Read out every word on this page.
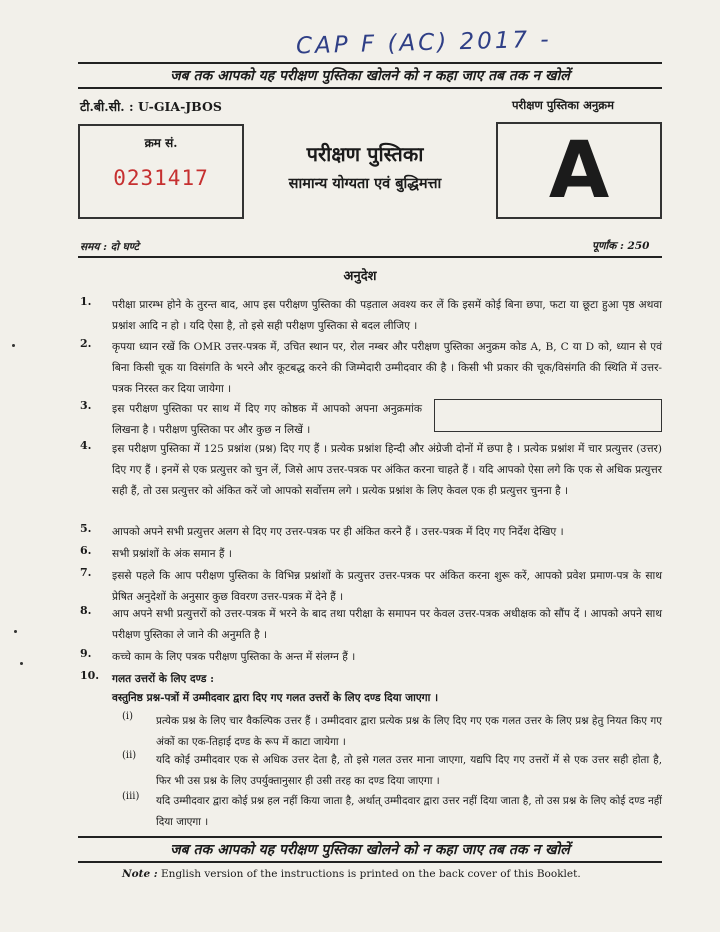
CAP F (AC) 2017 -
जब तक आपको यह परीक्षण पुस्तिका खोलने को न कहा जाए तब तक न खोलें
टी.बी.सी. : U-GIA-JBOS	परीक्षण पुस्तिका अनुक्रम
क्रम सं.
0231417
परीक्षण पुस्तिका
सामान्य योग्यता एवं बुद्धिमत्ता	A
समय : दो घण्टे	पूर्णांक : 250
अनुदेश
1. परीक्षा प्रारम्भ होने के तुरन्त बाद, आप इस परीक्षण पुस्तिका की पड़ताल अवश्य कर लें कि इसमें कोई बिना छपा, फटा या छूटा हुआ पृष्ठ अथवा प्रश्नांश आदि न हो । यदि ऐसा है, तो इसे सही परीक्षण पुस्तिका से बदल लीजिए ।
2. कृपया ध्यान रखें कि OMR उत्तर-पत्रक में, उचित स्थान पर, रोल नम्बर और परीक्षण पुस्तिका अनुक्रम कोड A, B, C या D को, ध्यान से एवं बिना किसी चूक या विसंगति के भरने और कूटबद्ध करने की जिम्मेदारी उम्मीदवार की है । किसी भी प्रकार की चूक/विसंगति की स्थिति में उत्तर-पत्रक निरस्त कर दिया जायेगा ।
3. इस परीक्षण पुस्तिका पर साथ में दिए गए कोष्ठक में आपको अपना अनुक्रमांक लिखना है । परीक्षण पुस्तिका पर और कुछ न लिखें ।
4. इस परीक्षण पुस्तिका में 125 प्रश्नांश (प्रश्न) दिए गए हैं । प्रत्येक प्रश्नांश हिन्दी और अंग्रेजी दोनों में छपा है । प्रत्येक प्रश्नांश में चार प्रत्युत्तर (उत्तर) दिए गए हैं । इनमें से एक प्रत्युत्तर को चुन लें, जिसे आप उत्तर-पत्रक पर अंकित करना चाहते हैं । यदि आपको ऐसा लगे कि एक से अधिक प्रत्युत्तर सही हैं, तो उस प्रत्युत्तर को अंकित करें जो आपको सर्वोत्तम लगे । प्रत्येक प्रश्नांश के लिए केवल एक ही प्रत्युत्तर चुनना है ।
5. आपको अपने सभी प्रत्युत्तर अलग से दिए गए उत्तर-पत्रक पर ही अंकित करने हैं । उत्तर-पत्रक में दिए गए निर्देश देखिए ।
6. सभी प्रश्नांशों के अंक समान हैं ।
7. इससे पहले कि आप परीक्षण पुस्तिका के विभिन्न प्रश्नांशों के प्रत्युत्तर उत्तर-पत्रक पर अंकित करना शुरू करें, आपको प्रवेश प्रमाण-पत्र के साथ प्रेषित अनुदेशों के अनुसार कुछ विवरण उत्तर-पत्रक में देने हैं ।
8. आप अपने सभी प्रत्युत्तरों को उत्तर-पत्रक में भरने के बाद तथा परीक्षा के समापन पर केवल उत्तर-पत्रक अधीक्षक को सौंप दें । आपको अपने साथ परीक्षण पुस्तिका ले जाने की अनुमति है ।
9. कच्चे काम के लिए पत्रक परीक्षण पुस्तिका के अन्त में संलग्न हैं ।
10. गलत उत्तरों के लिए दण्ड :
वस्तुनिष्ठ प्रश्न-पत्रों में उम्मीदवार द्वारा दिए गए गलत उत्तरों के लिए दण्ड दिया जाएगा ।
(i) प्रत्येक प्रश्न के लिए चार वैकल्पिक उत्तर हैं । उम्मीदवार द्वारा प्रत्येक प्रश्न के लिए दिए गए एक गलत उत्तर के लिए प्रश्न हेतु नियत किए गए अंकों का एक-तिहाई दण्ड के रूप में काटा जायेगा ।
(ii) यदि कोई उम्मीदवार एक से अधिक उत्तर देता है, तो इसे गलत उत्तर माना जाएगा, यद्यपि दिए गए उत्तरों में से एक उत्तर सही होता है, फिर भी उस प्रश्न के लिए उपर्युक्तानुसार ही उसी तरह का दण्ड दिया जाएगा ।
(iii) यदि उम्मीदवार द्वारा कोई प्रश्न हल नहीं किया जाता है, अर्थात् उम्मीदवार द्वारा उत्तर नहीं दिया जाता है, तो उस प्रश्न के लिए कोई दण्ड नहीं दिया जाएगा ।
जब तक आपको यह परीक्षण पुस्तिका खोलने को न कहा जाए तब तक न खोलें
Note : English version of the instructions is printed on the back cover of this Booklet.
